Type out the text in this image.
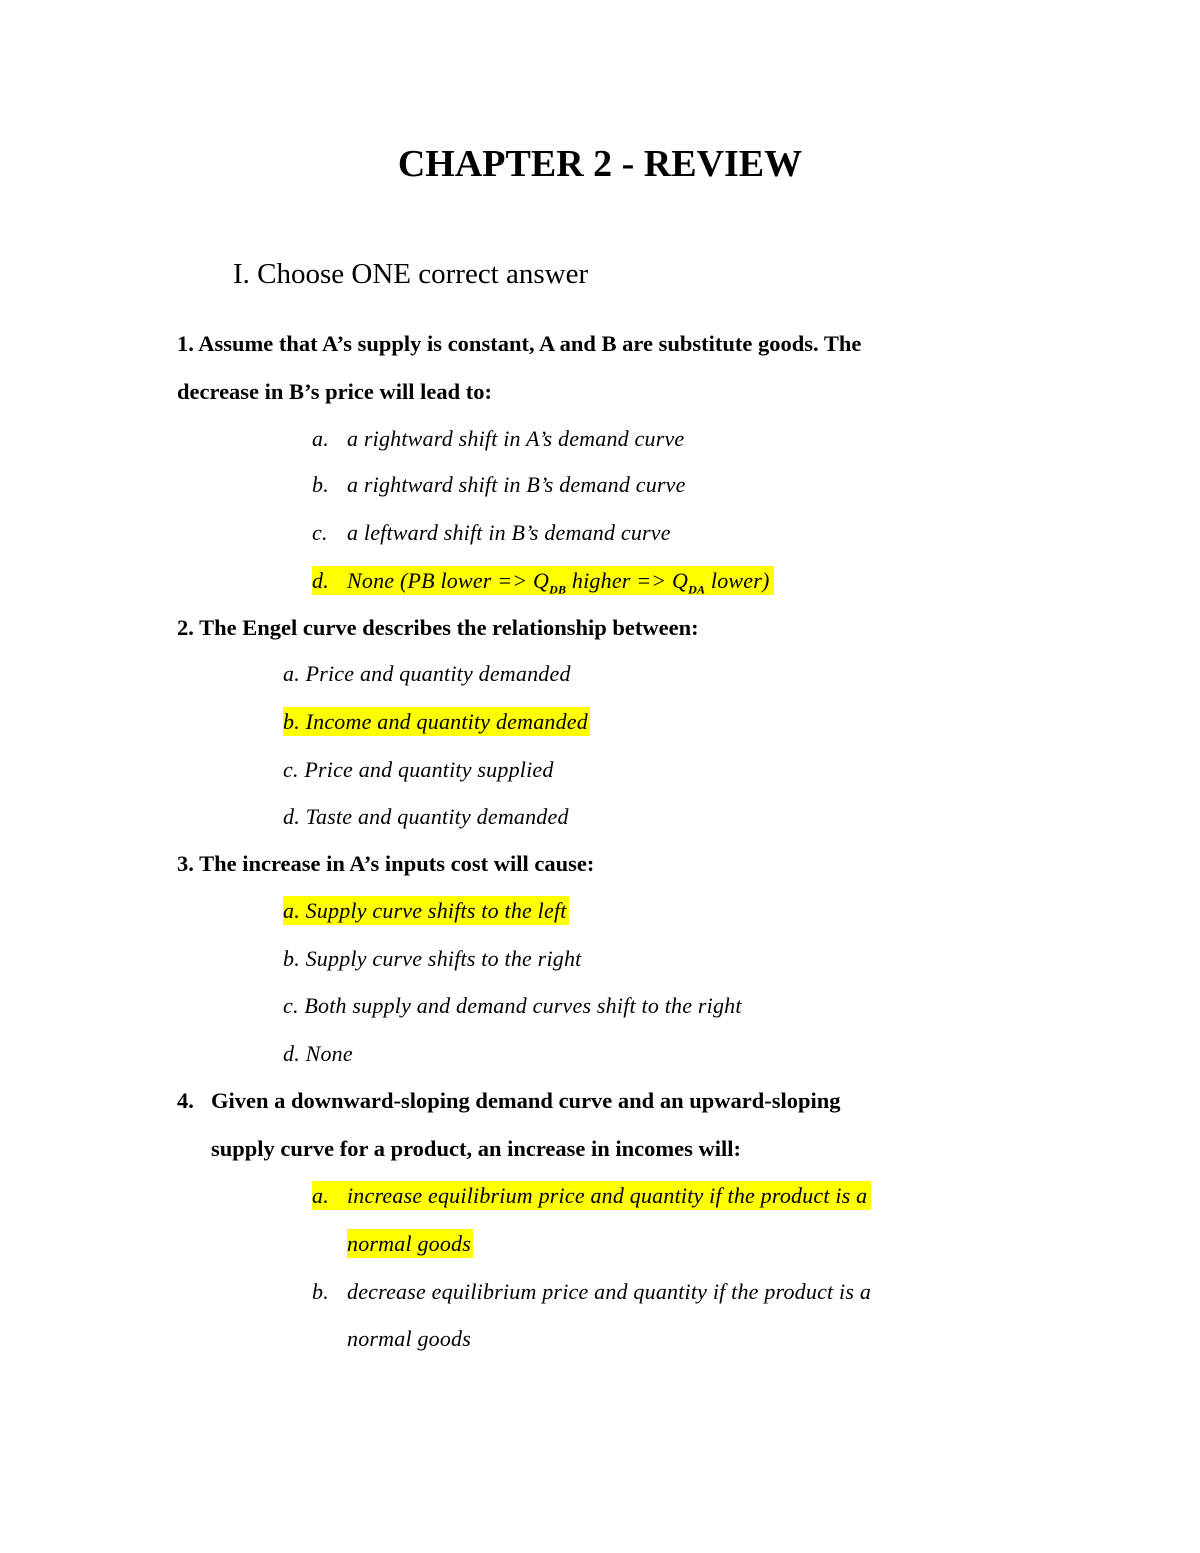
CHAPTER 2 - REVIEW
I. Choose ONE correct answer
1. Assume that A’s supply is constant, A and B are substitute goods. The
decrease in B’s price will lead to:
a. a rightward shift in A’s demand curve
b. a rightward shift in B’s demand curve
c. a leftward shift in B’s demand curve
d. None (PB lower => $Q_{DB}$ higher => $Q_{DA}$ lower)
2. The Engel curve describes the relationship between:
a. Price and quantity demanded
b. Income and quantity demanded
c. Price and quantity supplied
d. Taste and quantity demanded
3. The increase in A’s inputs cost will cause:
a. Supply curve shifts to the left
b. Supply curve shifts to the right
c. Both supply and demand curves shift to the right
d. None
4. Given a downward-sloping demand curve and an upward-sloping
supply curve for a product, an increase in incomes will:
a. increase equilibrium price and quantity if the product is a
normal goods
b. decrease equilibrium price and quantity if the product is a
normal goods
